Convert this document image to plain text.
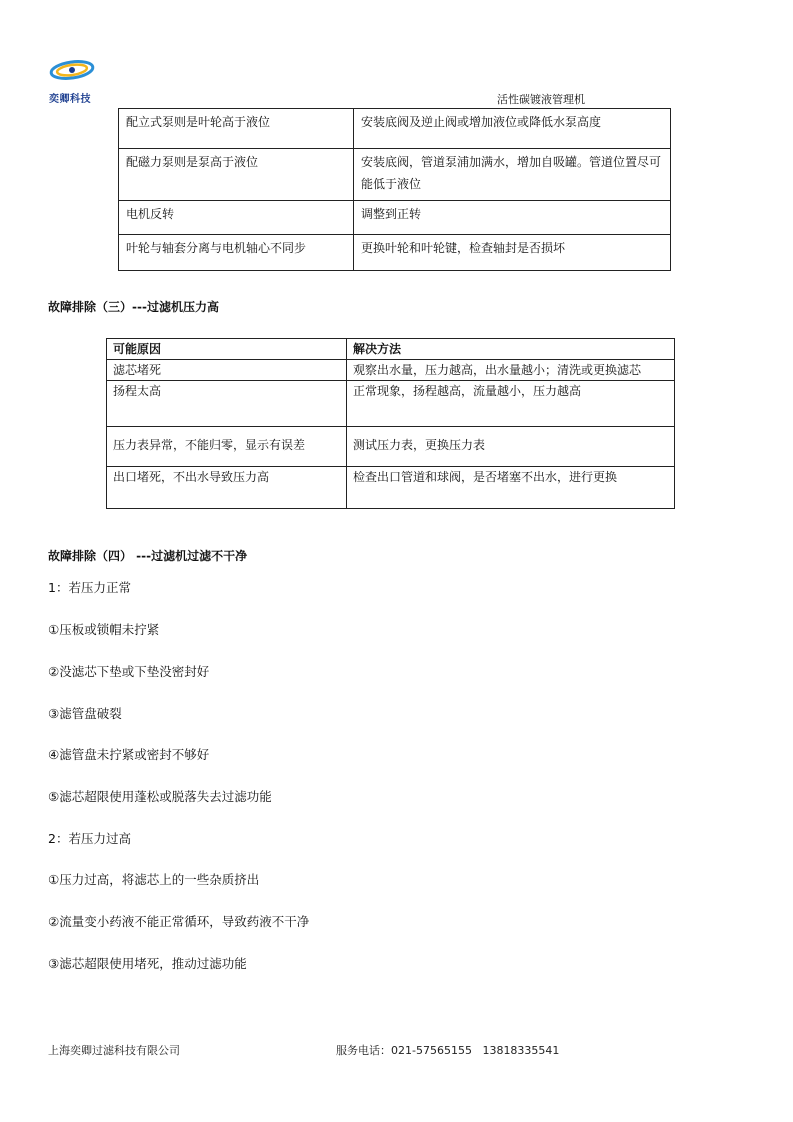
奕卿科技	活性碳镀液管理机
配立式泵则是叶轮高于液位	安装底阀及逆止阀或增加液位或降低水泵高度
配磁力泵则是泵高于液位	安装底阀，管道泵浦加满水，增加自吸罐。管道位置尽可能低于液位
电机反转	调整到正转
叶轮与轴套分离与电机轴心不同步	更换叶轮和叶轮键，检查轴封是否损坏
故障排除（三）---过滤机压力高
可能原因	解决方法
滤芯堵死	观察出水量，压力越高，出水量越小；清洗或更换滤芯
扬程太高	正常现象，扬程越高，流量越小，压力越高
压力表异常，不能归零，显示有误差	测试压力表，更换压力表
出口堵死，不出水导致压力高	检查出口管道和球阀，是否堵塞不出水，进行更换
故障排除（四） ---过滤机过滤不干净
1：若压力正常
①压板或锁帽未拧紧
②没滤芯下垫或下垫没密封好
③滤管盘破裂
④滤管盘未拧紧或密封不够好
⑤滤芯超限使用蓬松或脱落失去过滤功能
2：若压力过高
①压力过高，将滤芯上的一些杂质挤出
②流量变小药液不能正常循环，导致药液不干净
③滤芯超限使用堵死，推动过滤功能
上海奕卿过滤科技有限公司	服务电话：021-57565155   13818335541
